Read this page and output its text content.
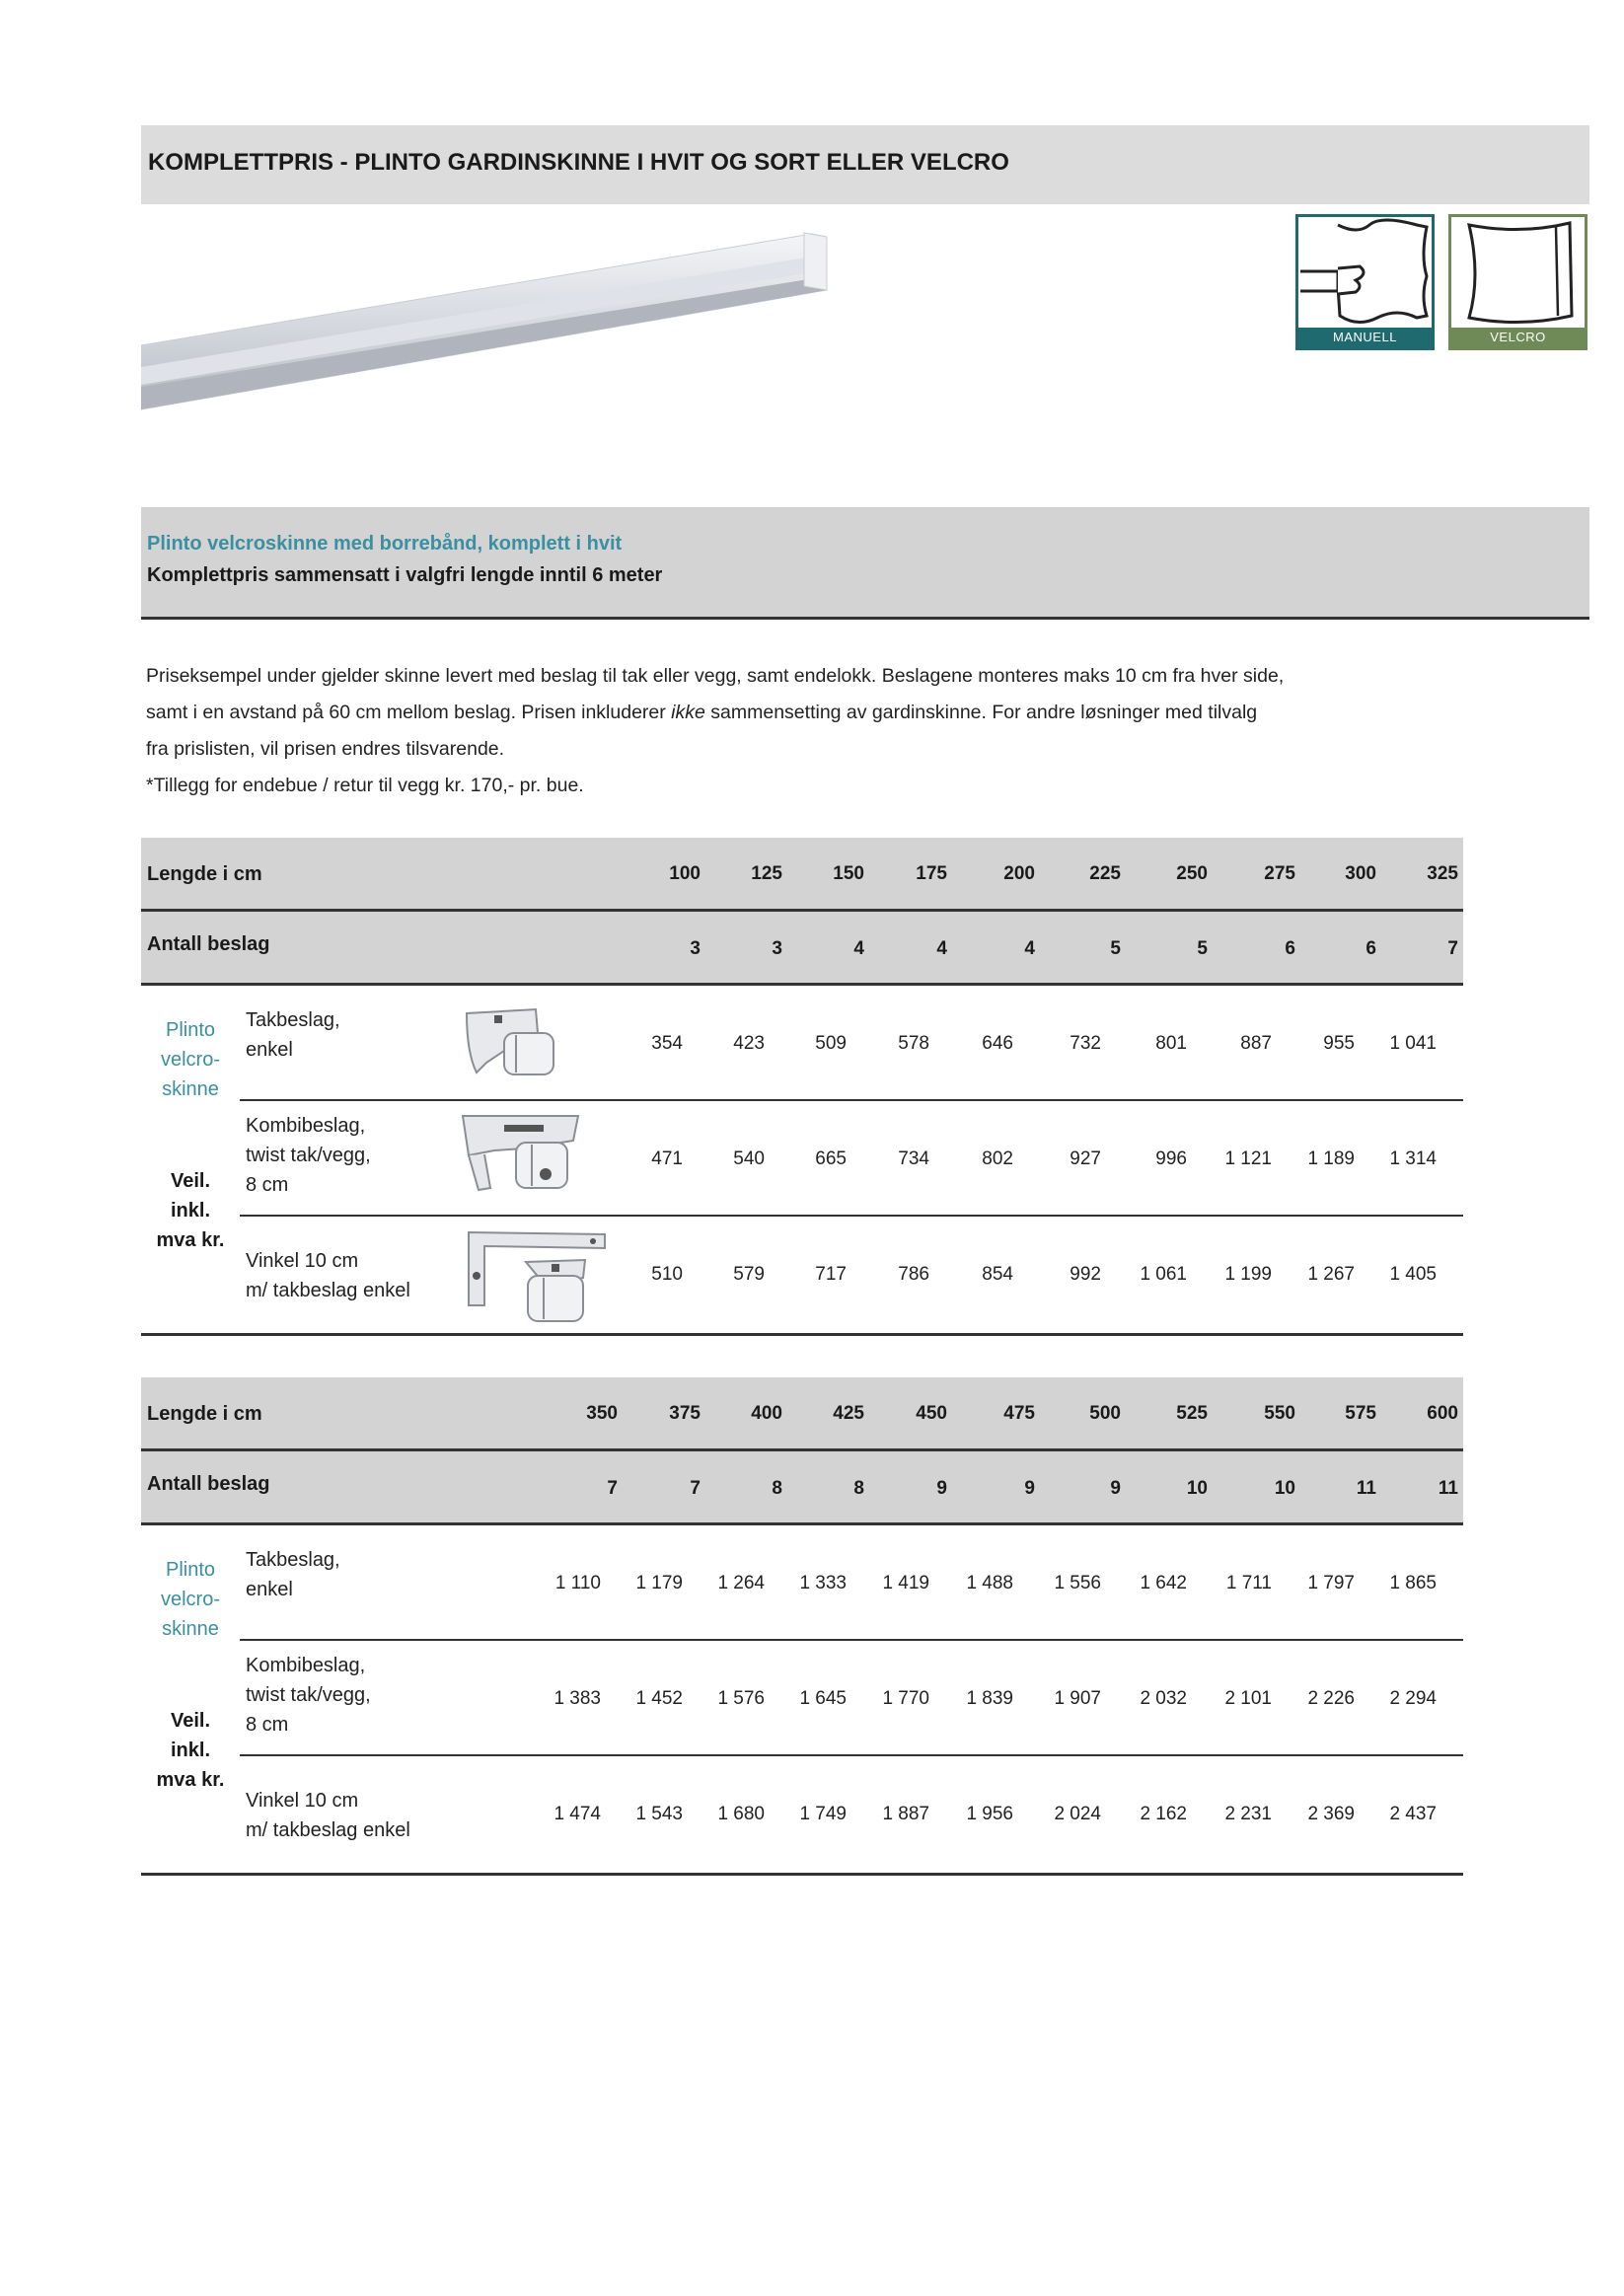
KOMPLETTPRIS - PLINTO GARDINSKINNE I HVIT OG SORT ELLER VELCRO
MANUELL	VELCRO
Plinto velcroskinne med borrebånd, komplett i hvit
Komplettpris sammensatt i valgfri lengde inntil 6 meter

Priseksempel under gjelder skinne levert med beslag til tak eller vegg, samt endelokk. Beslagene monteres maks 10 cm fra hver side,

samt i en avstand på 60 cm mellom beslag. Prisen inkluderer ikke sammensetting av gardinskinne. For andre løsninger med tilvalg

fra prislisten, vil prisen endres tilsvarende.

*Tillegg for endebue / retur til vegg kr. 170,- pr. bue.

Lengde i cm	100	125	150	175	200	225	250	275	300	325
Antall beslag	3	3	4	4	4	5	5	6	6	7
Plinto
velcro-
skinne
Veil.
inkl.
mva kr.
Takbeslag,
enkel	354	423	509	578	646	732	801	887	955	1 041
Kombibeslag,
twist tak/vegg,
8 cm
471	540	665	734	802	927	996	1 121	1 189	1 314
Vinkel 10 cm
m/ takbeslag enkel
510	579	717	786	854	992	1 061	1 199	1 267	1 405
Lengde i cm	350	375	400	425	450	475	500	525	550	575	600
Antall beslag	7	7	8	8	9	9	9	10	10	11	11
Plinto
velcro-
skinne
Veil.
inkl.
mva kr.
Takbeslag,
enkel	1 110	1 179	1 264	1 333	1 419	1 488	1 556	1 642	1 711	1 797	1 865
Kombibeslag,
twist tak/vegg,
8 cm
1 383	1 452	1 576	1 645	1 770	1 839	1 907	2 032	2 101	2 226	2 294
Vinkel 10 cm
m/ takbeslag enkel
1 474	1 543	1 680	1 749	1 887	1 956	2 024	2 162	2 231	2 369	2 437
